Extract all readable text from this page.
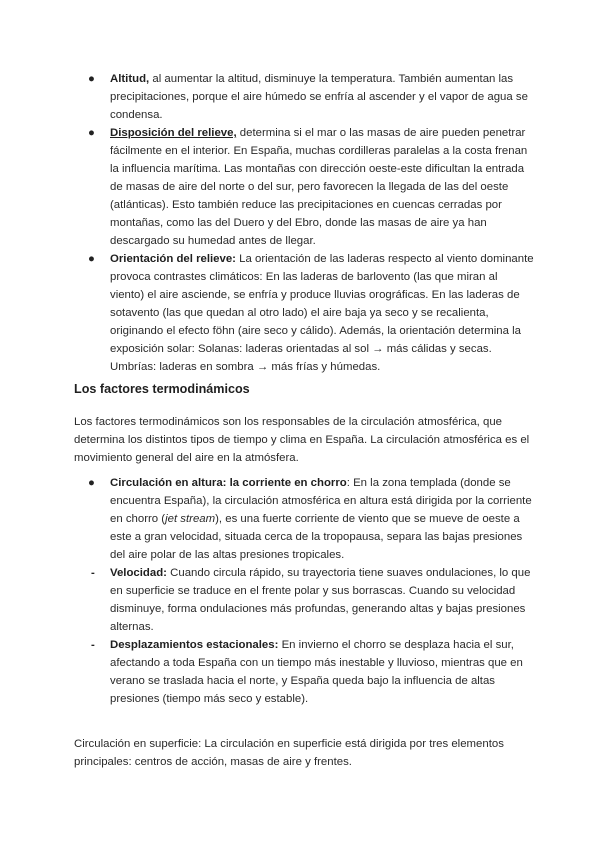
●	Altitud, al aumentar la altitud, disminuye la temperatura. También aumentan las precipitaciones, porque el aire húmedo se enfría al ascender y el vapor de agua se condensa.
●	Disposición del relieve, determina si el mar o las masas de aire pueden penetrar fácilmente en el interior. En España, muchas cordilleras paralelas a la costa frenan la influencia marítima. Las montañas con dirección oeste-este dificultan la entrada de masas de aire del norte o del sur, pero favorecen la llegada de las del oeste (atlánticas). Esto también reduce las precipitaciones en cuencas cerradas por montañas, como las del Duero y del Ebro, donde las masas de aire ya han descargado su humedad antes de llegar.
●	Orientación del relieve: La orientación de las laderas respecto al viento dominante provoca contrastes climáticos: En las laderas de barlovento (las que miran al viento) el aire asciende, se enfría y produce lluvias orográficas. En las laderas de sotavento (las que quedan al otro lado) el aire baja ya seco y se recalienta, originando el efecto föhn (aire seco y cálido). Además, la orientación determina la exposición solar: Solanas: laderas orientadas al sol → más cálidas y secas. Umbrías: laderas en sombra → más frías y húmedas.
Los factores termodinámicos

Los factores termodinámicos son los responsables de la circulación atmosférica, que determina los distintos tipos de tiempo y clima en España. La circulación atmosférica es el movimiento general del aire en la atmósfera.

●	Circulación en altura: la corriente en chorro: En la zona templada (donde se encuentra España), la circulación atmosférica en altura está dirigida por la corriente en chorro (jet stream), es una fuerte corriente de viento que se mueve de oeste a este a gran velocidad, situada cerca de la tropopausa, separa las bajas presiones del aire polar de las altas presiones tropicales.
-	Velocidad: Cuando circula rápido, su trayectoria tiene suaves ondulaciones, lo que en superficie se traduce en el frente polar y sus borrascas. Cuando su velocidad disminuye, forma ondulaciones más profundas, generando altas y bajas presiones alternas.
-	Desplazamientos estacionales: En invierno el chorro se desplaza hacia el sur, afectando a toda España con un tiempo más inestable y lluvioso, mientras que en verano se traslada hacia el norte, y España queda bajo la influencia de altas presiones (tiempo más seco y estable).

Circulación en superficie: La circulación en superficie está dirigida por tres elementos principales: centros de acción, masas de aire y frentes.
